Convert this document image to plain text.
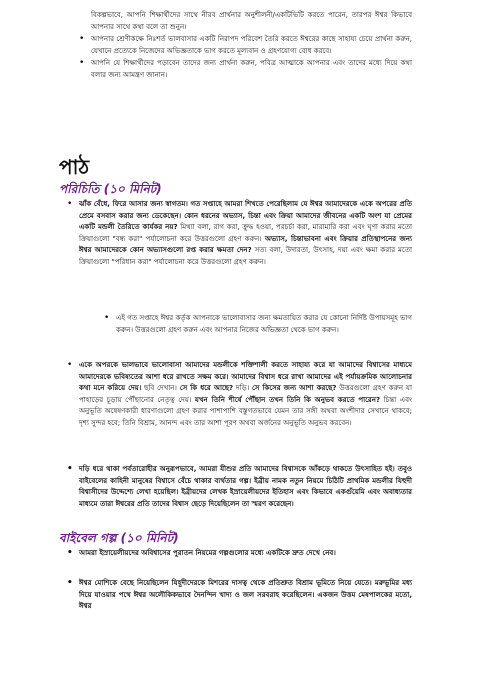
বিকল্পভাবে, আপনি শিক্ষার্থীদের সাথে নীরব প্রার্থনার অনুশীলনী/একটিভিটি করতে পারেন, তারপর ঈশ্বর কিভাবে আপনার সাথে কথা বলে তা শুনুন।
• আপনার শ্রেণীকক্ষে নিঃশর্ত ভালবাসার একটি নিরাপদ পরিবেশ তৈরি করতে ঈশ্বরের কাছে সাহায্য চেয়ে প্রার্থনা করুন, যেখানে প্রত্যেকে নিজেদের অভিজ্ঞতাকে ভাগ করতে মূল্যবান ও গ্রহণযোগ্য বোধ করবে।
• আপনি যে শিক্ষার্থীদের পড়াবেন তাদের জন্য প্রার্থনা করুন, পবিত্র আত্মাকে আপনার এবং তাদের মধ্যে দিয়ে কথা বলার জন্য আমন্ত্রণ জানান।
পাঠ
পরিচিতি (১০ মিনিট)
• ঝাঁক বেঁধে, ফিরে আসার জন্য স্বাগতম। গত সপ্তাহে আমরা শিখতে পেরেছিলাম যে ঈশ্বর আমাদেরকে একে অপরের প্রতি প্রেমে বসবাস করার জন্য ডেকেছেন। কোন ধরনের অভ্যাস, চিন্তা এবং ক্রিয়া আমাদের জীবনের একটি অংশ যা প্রেমের একটি মন্ডলী তৈরিতে কার্যকর নয়? মিথ্যা বলা, রাগ করা, ক্রুদ্ধ হওয়া, পরচর্চা করা, মারামারি করা এবং ঘৃণা করার মতো ক্রিয়াগুলো "বন্ধ করা" পর্যালোচনা করে উত্তরগুলো গ্রহণ করুন। অভ্যাস, চিন্তাভাবনা এবং ক্রিয়ার প্রতিস্থাপনের জন্য ঈশ্বর আমাদেরকে কোন অভ্যাসগুলো রপ্ত করার ক্ষমতা দেন? সত্য বলা, উদারতা, উৎসাহ, দয়া এবং ক্ষমা করার মতো ক্রিয়াগুলো "পরিধান করা" পর্যালোচনা করে উত্তরগুলো গ্রহণ করুন।
• এই গত সপ্তাহে ঈশ্বর কর্তৃক আপনাকে ভালোবাসার জন্য ক্ষমতায়িত করার যে কোনো নির্দিষ্ট উপায়সমূহ ভাগ করুন। উত্তরগুলো গ্রহণ করুন এবং আপনার নিজের অভিজ্ঞতা থেকে ভাগ করুন।
• একে অপরকে ভালভাবে ভালোবাসা আমাদের মন্ডলীকে শক্তিশালী করতে সাহায্য করে যা আমাদের বিশ্বাসের মাধ্যমে আমাদেরকে ভবিষ্যতের আশা ধরে রাখতে সক্ষম করে। আমাদের বিশ্বাস ধরে রাখা আমাদের এই পর্যায়ক্রমিক আলোচনার কথা মনে করিয়ে দেয়। ছবি দেখান। সে কি ধরে আছে? দড়ি। সে কিসের জন্য আশা করছে? উত্তরগুলো গ্রহণ করুন যা পাহাড়ের চূড়ায় পৌঁছানোর নেতৃত্ব দেয়। যখন তিনি শীর্ষে পৌঁছান তখন তিনি কি অনুভব করতে পারেন? চিন্তা এবং অনুভূতি অন্বেষণকারী ধারণাগুলো গ্রহণ করার পাশাপাশি বস্তুগতভাবে যেমন তার সঙ্গী অথবা অংশীদার সেখানে থাকবে; দৃশ্য সুন্দর হবে; তিনি বিশ্রাম, আনন্দ এবং তার আশা পূরণ অথবা অর্জনের অনুভূতি অনুভব করবেন।
• দড়ি ধরে থাকা পর্বতারোহীর অনুরূপভাবে, আমরা যীশুর প্রতি আমাদের বিশ্বাসকে আঁকড়ে থাকতে উৎসাহিত হই। তবুও বাইবেলের কাহিনী মানুষের বিশ্বাসে বেঁচে থাকার ব্যর্থতার গল্প। ইব্রীয় নামক নতুন নিয়মে চিঠিটি প্রাথমিক মন্ডলীর যিহুদী বিশ্বাসীদের উদ্দেশ্যে লেখা হয়েছিল। ইব্রীয়দের লেখক ইস্রায়েলীয়দের ইতিহাস এবং কিভাবে একগুঁয়েমি এবং অবাধ্যতার মাধ্যমে তারা ঈশ্বরের প্রতি তাদের বিশ্বাস ছেড়ে দিয়েছিলেন তা স্মরণ করেছেন।
বাইবেল গল্প (১০ মিনিট)
• আমরা ইস্রায়েলীয়দের অবিশ্বাসের পুরাতন নিয়মের গল্পগুলোর মধ্যে একটিকে দ্রুত দেখে নেব।
• ঈশ্বর মোশিকে বেছে নিয়েছিলেন যিহূদীদেরকে মিশরের দাসত্ব থেকে প্রতিশ্রুত বিশ্রাম ভূমিতে নিয়ে যেতে। মরুভূমির মধ্য দিয়ে যাওয়ার পথে ঈশ্বর অলৌকিকভাবে দৈনন্দিন খাদ্য ও জল সরবরাহ করেছিলেন। একজন উত্তম মেষপালকের মতো, ঈশ্বর
